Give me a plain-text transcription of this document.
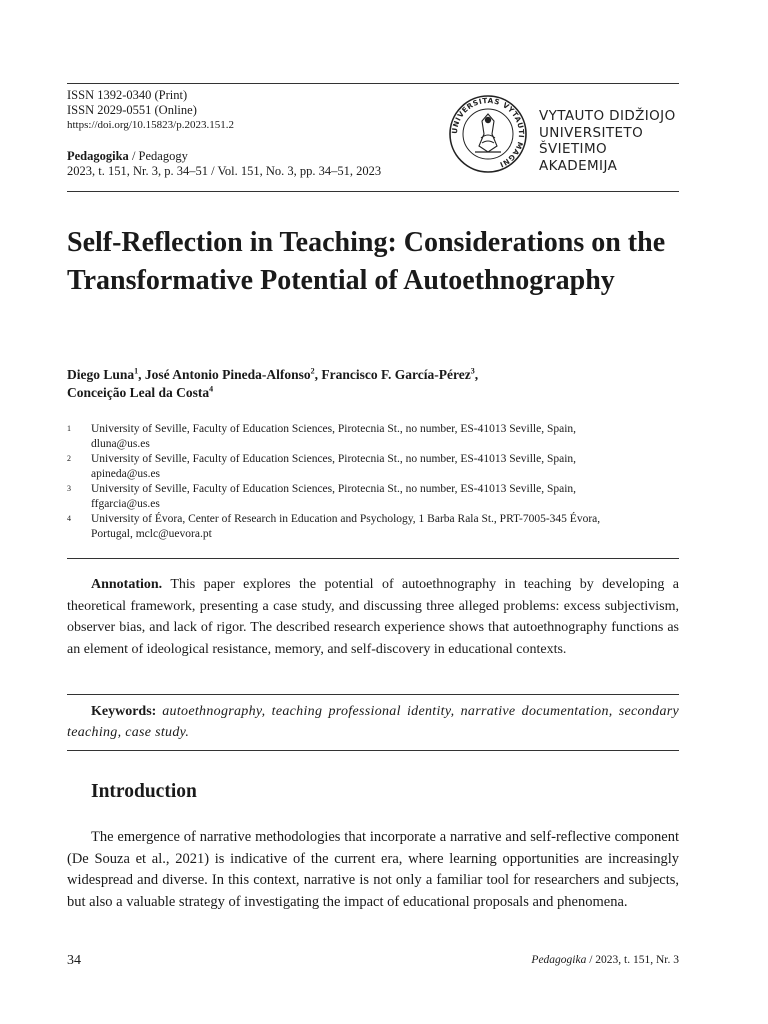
ISSN 1392-0340 (Print)
ISSN 2029-0551 (Online)
https://doi.org/10.15823/p.2023.151.2
Pedagogika / Pedagogy
2023, t. 151, Nr. 3, p. 34–51 / Vol. 151, No. 3, pp. 34–51, 2023
UNIVERSITAS VYTAUTI MAGNI
VYTAUTO DIDŽIOJO
UNIVERSITETO
ŠVIETIMO
AKADEMIJA
Self-Reflection in Teaching: Considerations on the Transformative Potential of Autoethnography
Diego Luna$^1$, José Antonio Pineda-Alfonso$^2$, Francisco F. García-Pérez$^3$,
Conceição Leal da Costa$^4$
1	University of Seville, Faculty of Education Sciences, Pirotecnia St., no number, ES-41013 Seville, Spain,
dluna@us.es
2	University of Seville, Faculty of Education Sciences, Pirotecnia St., no number, ES-41013 Seville, Spain,
apineda@us.es
3	University of Seville, Faculty of Education Sciences, Pirotecnia St., no number, ES-41013 Seville, Spain,
ffgarcia@us.es
4	University of Évora, Center of Research in Education and Psychology, 1 Barba Rala St., PRT-7005-345 Évora,
Portugal, mclc@uevora.pt
Annotation. This paper explores the potential of autoethnography in teaching by developing a theoretical framework, presenting a case study, and discussing three alleged problems: excess subjectivism, observer bias, and lack of rigor. The described research experience shows that autoethnography functions as an element of ideological resistance, memory, and self-discovery in educational contexts.
Keywords: autoethnography, teaching professional identity, narrative documentation, secondary teaching, case study.
Introduction

The emergence of narrative methodologies that incorporate a narrative and self-reflective component (De Souza et al., 2021) is indicative of the current era, where learning opportunities are increasingly widespread and diverse. In this context, narrative is not only a familiar tool for researchers and subjects, but also a valuable strategy of investigating the impact of educational proposals and phenomena.

34	Pedagogika / 2023, t. 151, Nr. 3
